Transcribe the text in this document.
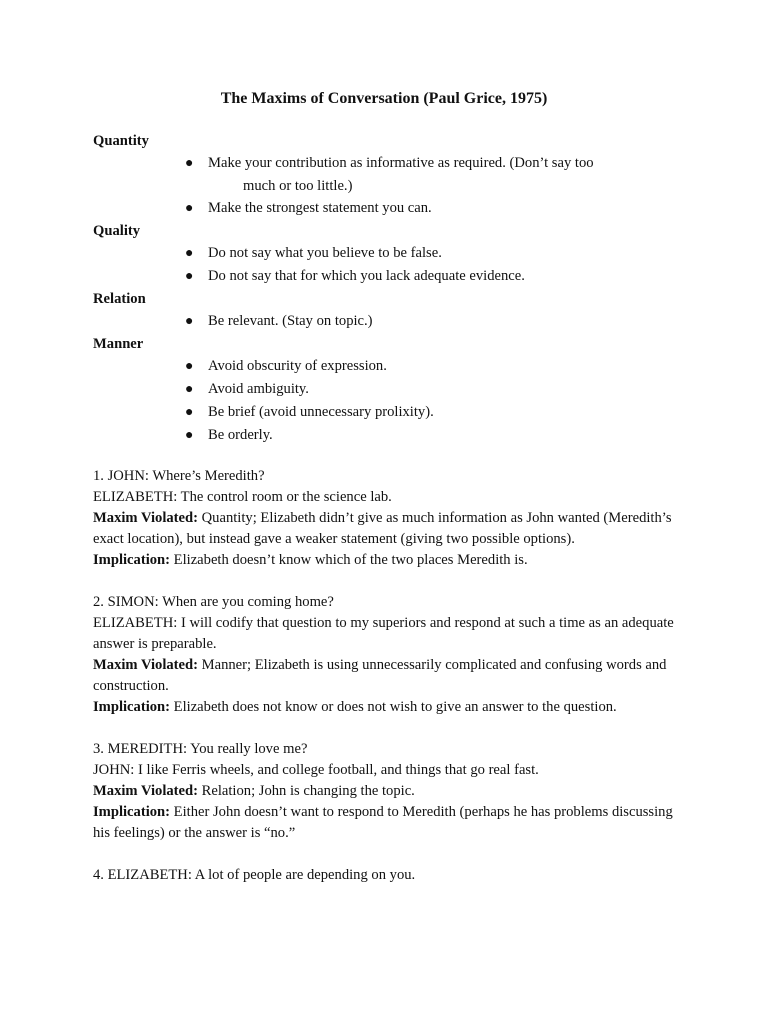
The Maxims of Conversation (Paul Grice, 1975)

Quantity

● Make your contribution as informative as required. (Don’t say too
much or too little.)
● Make the strongest statement you can.

Quality

● Do not say what you believe to be false.
● Do not say that for which you lack adequate evidence.

Relation

● Be relevant. (Stay on topic.)

Manner

● Avoid obscurity of expression.
● Avoid ambiguity.
● Be brief (avoid unnecessary prolixity).
● Be orderly.

1. JOHN: Where’s Meredith?

ELIZABETH: The control room or the science lab.

Maxim Violated: Quantity; Elizabeth didn’t give as much information as John wanted (Meredith’s exact location), but instead gave a weaker statement (giving two possible options).

Implication: Elizabeth doesn’t know which of the two places Meredith is.

2. SIMON: When are you coming home?

ELIZABETH: I will codify that question to my superiors and respond at such a time as an adequate answer is preparable.

Maxim Violated: Manner; Elizabeth is using unnecessarily complicated and confusing words and construction.

Implication: Elizabeth does not know or does not wish to give an answer to the question.

3. MEREDITH: You really love me?

JOHN: I like Ferris wheels, and college football, and things that go real fast.

Maxim Violated: Relation; John is changing the topic.

Implication: Either John doesn’t want to respond to Meredith (perhaps he has problems discussing his feelings) or the answer is “no.”

4. ELIZABETH: A lot of people are depending on you.
